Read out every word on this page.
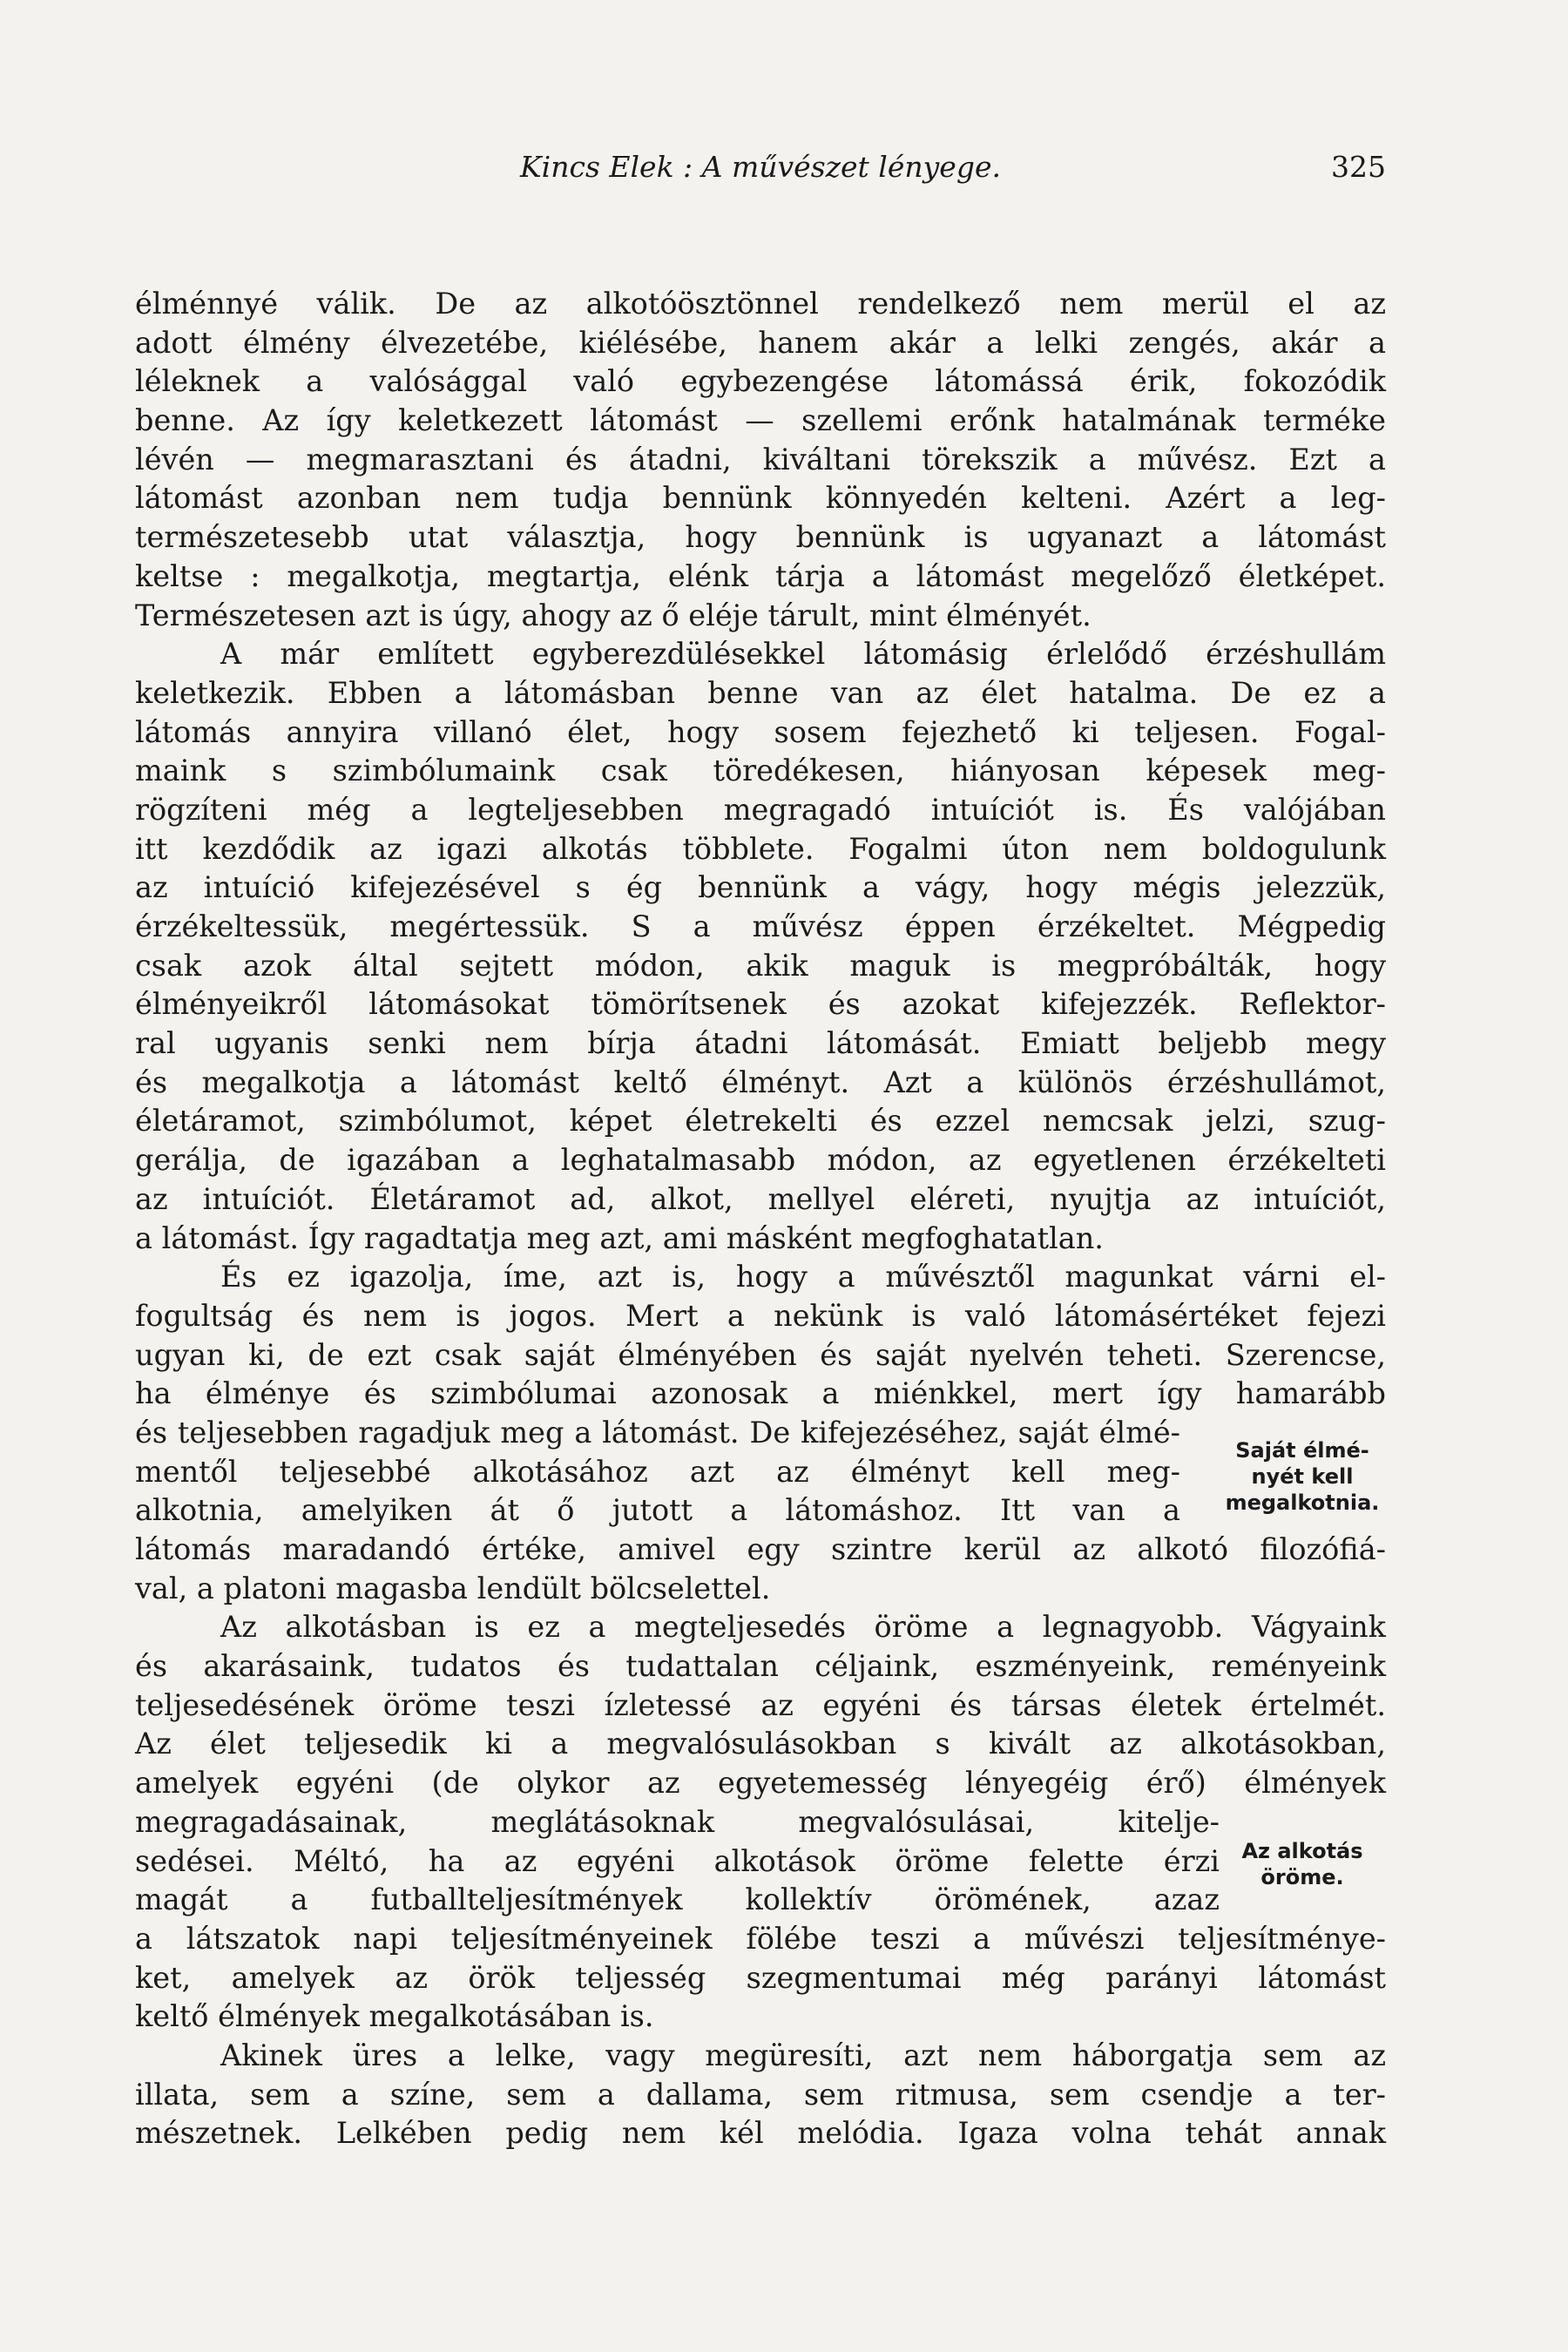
Kincs Elek : A művészet lényege.	325
élménnyé válik. De az alkotóösztönnel rendelkező nem merül el az
adott élmény élvezetébe, kiélésébe, hanem akár a lelki zengés, akár a
léleknek a valósággal való egybezengése látomássá érik, fokozódik
benne. Az így keletkezett látomást — szellemi erőnk hatalmának terméke
lévén — megmarasztani és átadni, kiváltani törekszik a művész. Ezt a
látomást azonban nem tudja bennünk könnyedén kelteni. Azért a leg-
természetesebb utat választja, hogy bennünk is ugyanazt a látomást
keltse : megalkotja, megtartja, elénk tárja a látomást megelőző életképet.
Természetesen azt is úgy, ahogy az ő eléje tárult, mint élményét.
A már említett egyberezdülésekkel látomásig érlelődő érzéshullám
keletkezik. Ebben a látomásban benne van az élet hatalma. De ez a
látomás annyira villanó élet, hogy sosem fejezhető ki teljesen. Fogal-
maink s szimbólumaink csak töredékesen, hiányosan képesek meg-
rögzíteni még a legteljesebben megragadó intuíciót is. És valójában
itt kezdődik az igazi alkotás többlete. Fogalmi úton nem boldogulunk
az intuíció kifejezésével s ég bennünk a vágy, hogy mégis jelezzük,
érzékeltessük, megértessük. S a művész éppen érzékeltet. Mégpedig
csak azok által sejtett módon, akik maguk is megpróbálták, hogy
élményeikről látomásokat tömörítsenek és azokat kifejezzék. Reflektor-
ral ugyanis senki nem bírja átadni látomását. Emiatt beljebb megy
és megalkotja a látomást keltő élményt. Azt a különös érzéshullámot,
életáramot, szimbólumot, képet életrekelti és ezzel nemcsak jelzi, szug-
gerálja, de igazában a leghatalmasabb módon, az egyetlenen érzékelteti
az intuíciót. Életáramot ad, alkot, mellyel eléreti, nyujtja az intuíciót,
a látomást. Így ragadtatja meg azt, ami másként megfoghatatlan.
És ez igazolja, íme, azt is, hogy a művésztől magunkat várni el-
fogultság és nem is jogos. Mert a nekünk is való látomásértéket fejezi
ugyan ki, de ezt csak saját élményében és saját nyelvén teheti. Szerencse,
ha élménye és szimbólumai azonosak a miénkkel, mert így hamarább
és teljesebben ragadjuk meg a látomást. De kifejezéséhez, saját élmé-
mentől teljesebbé alkotásához azt az élményt kell meg-
alkotnia, amelyiken át ő jutott a látomáshoz. Itt van a
látomás maradandó értéke, amivel egy szintre kerül az alkotó filozófiá-
val, a platoni magasba lendült bölcselettel.
Az alkotásban is ez a megteljesedés öröme a legnagyobb. Vágyaink
és akarásaink, tudatos és tudattalan céljaink, eszményeink, reményeink
teljesedésének öröme teszi ízletessé az egyéni és társas életek értelmét.
Az élet teljesedik ki a megvalósulásokban s kivált az alkotásokban,
amelyek egyéni (de olykor az egyetemesség lényegéig érő) élmények
megragadásainak, meglátásoknak megvalósulásai, kitelje-
sedései. Méltó, ha az egyéni alkotások öröme felette érzi
magát a futballteljesítmények kollektív örömének, azaz
a látszatok napi teljesítményeinek fölébe teszi a művészi teljesítménye-
ket, amelyek az örök teljesség szegmentumai még parányi látomást
keltő élmények megalkotásában is.
Akinek üres a lelke, vagy megüresíti, azt nem háborgatja sem az
illata, sem a színe, sem a dallama, sem ritmusa, sem csendje a ter-
mészetnek. Lelkében pedig nem kél melódia. Igaza volna tehát annak
Saját élmé-
nyét kell
megalkotnia.
Az alkotás
öröme.
